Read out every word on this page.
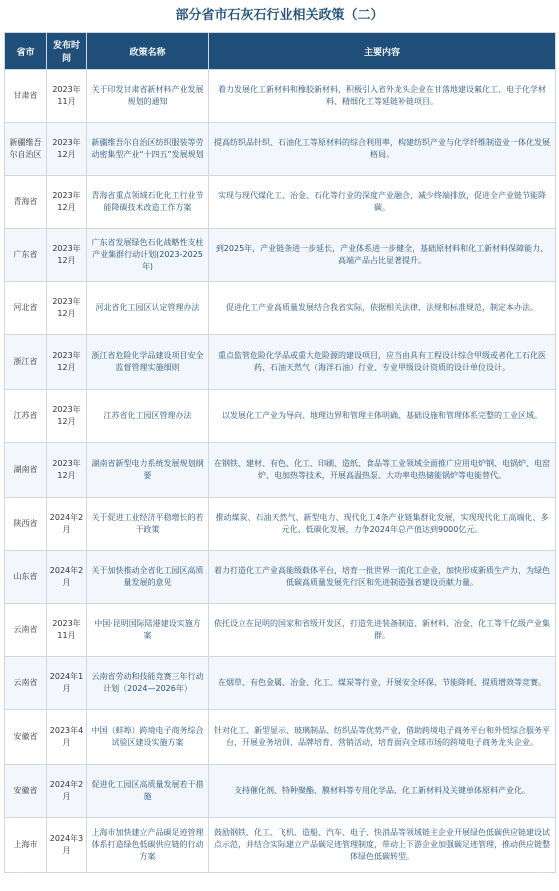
部分省市石灰石行业相关政策（二）
省市	发布时间	政策名称	主要内容
甘肃省	2023年11月	关于印发甘肃省新材料产业发展规划的通知	着力发展化工新材料和橡胶新材料，积极引入省外龙头企业在甘落地建设氟化工、电子化学材料、精细化工等延链补链项目。
新疆维吾尔自治区	2023年12月	新疆维吾尔自治区纺织服装等劳动密集型产业“十四五”发展规划	提高纺织品针织、石油化工等原材料的综合利用率，构建纺织产业与化学纤维制造业一体化发展格局。
青海省	2023年12月	青海省重点领域石化化工行业节能降碳技术改造工作方案	实现与现代煤化工、冶金、石化等行业的深度产业融合，减少终端排放，促进全产业链节能降碳。
广东省	2023年12月	广东省发展绿色石化战略性支柱产业集群行动计划(2023-2025年)	到2025年，产业链条进一步延长，产业体系进一步健全，基础原材料和化工新材料保障能力、高端产品占比显著提升。
河北省	2023年12月	河北省化工园区认定管理办法	促进化工产业高质量发展结合我省实际，依据相关法律、法规和标准规范，制定本办法。
浙江省	2023年12月	浙江省危险化学品建设项目安全监督管理实施细则	重点监管危险化学品或重大危险源的建设项目，应当由具有工程设计综合甲级或者化工石化医药、石油天然气（海洋石油）行业、专业甲级设计资质的设计单位设计。
江苏省	2023年12月	江苏省化工园区管理办法	以发展化工产业为导向、地理边界和管理主体明确、基础设施和管理体系完整的工业区域。
湖南省	2023年12月	湖南省新型电力系统发展规划纲要	在钢铁、建材、有色、化工、印刷、造纸、食品等工业领域全面推广应用电炉钢、电锅炉、电窑炉、电加热等技术，开展高温热泵、大功率电热储能锅炉等电能替代。
陕西省	2024年2月	关于促进工业经济平稳增长的若干政策	推动煤炭、石油天然气、新型电力、现代化工4条产业链集群化发展，实现现代化工高端化、多元化、低碳化发展，力争2024年总产值达到9000亿元。
山东省	2024年2月	关于加快推动全省化工园区高质量发展的意见	着力打造化工产业高能级载体平台，培育一批世界一流化工企业，加快形成新质生产力，为绿色低碳高质量发展先行区和先进制造强省建设贡献力量。
云南省	2023年11月	中国·昆明国际陆港建设实施方案	依托设立在昆明的国家和省级开发区，打造先进装备制造、新材料、冶金、化工等千亿级产业集群。
云南省	2024年1月	云南省劳动和技能竞赛三年行动计划（2024—2026年）	在烟草、有色金属、冶金、化工、煤炭等行业，开展安全环保、节能降耗、提质增效等竞赛。
安徽省	2023年4月	中国（蚌埠）跨境电子商务综合试验区建设实施方案	针对化工、新型显示、玻璃制品、纺织品等优势产业，借助跨境电子商务平台和外贸综合服务平台，开展业务培训、品牌培育、营销活动，培育面向全球市场的跨境电子商务龙头企业。
安徽省	2024年2月	促进化工园区高质量发展若干措施	支持催化剂、特种聚酯、膜材料等专用化学品、化工新材料及关键单体原料产业化。
上海市	2024年3月	上海市加快建立产品碳足迹管理体系打造绿色低碳供应链的行动方案	鼓励钢铁、化工、飞机、造船、汽车、电子、快消品等领域链主企业开展绿色低碳供应链建设试点示范，并结合实际建立产品碳足迹管理制度，带动上下游企业加强碳足迹管理，推动供应链整体绿色低碳转型。
